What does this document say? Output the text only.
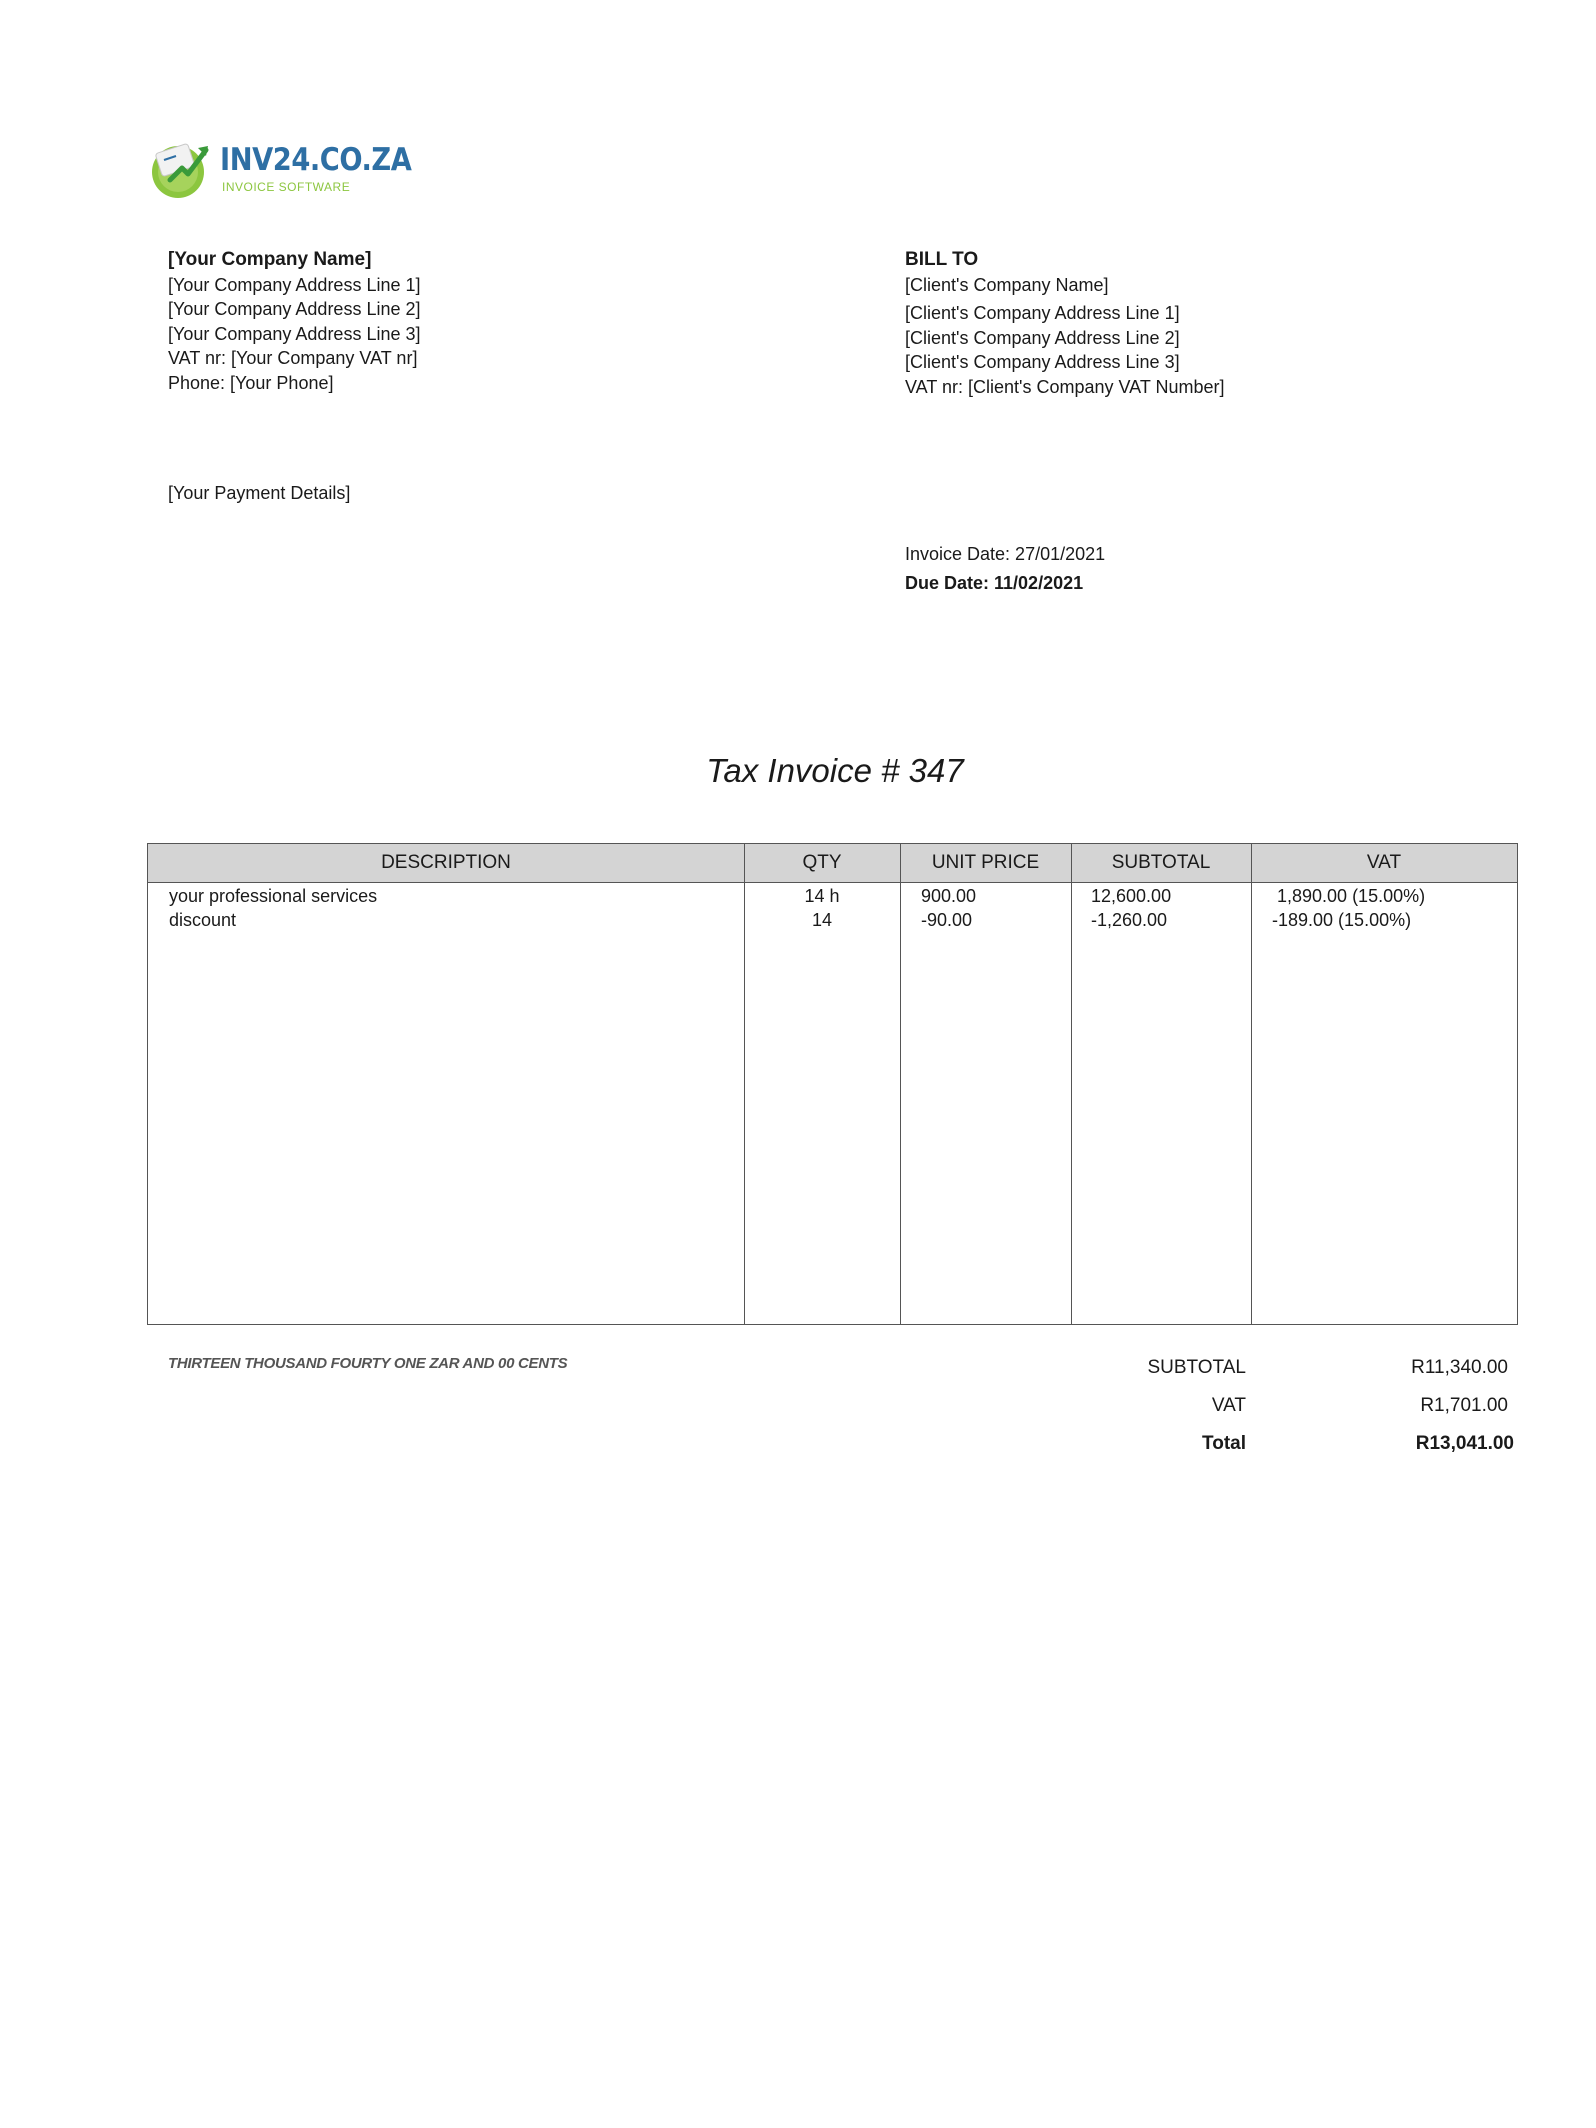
INV24.CO.ZA
INVOICE SOFTWARE
[Your Company Name]
[Your Company Address Line 1]
[Your Company Address Line 2]
[Your Company Address Line 3]
VAT nr: [Your Company VAT nr]
Phone: [Your Phone]
BILL TO
[Client's Company Name]
[Client's Company Address Line 1]
[Client's Company Address Line 2]
[Client's Company Address Line 3]
VAT nr: [Client's Company VAT Number]
[Your Payment Details]
Invoice Date: 27/01/2021
Due Date: 11/02/2021
Tax Invoice # 347
DESCRIPTION	QTY	UNIT PRICE	SUBTOTAL	VAT
your professional services	14 h	900.00	12,600.00	1,890.00 (15.00%)
discount	14	-90.00	-1,260.00	-189.00 (15.00%)
THIRTEEN THOUSAND FOURTY ONE ZAR AND 00 CENTS	SUBTOTAL	R11,340.00
VAT	R1,701.00
Total	R13,041.00
